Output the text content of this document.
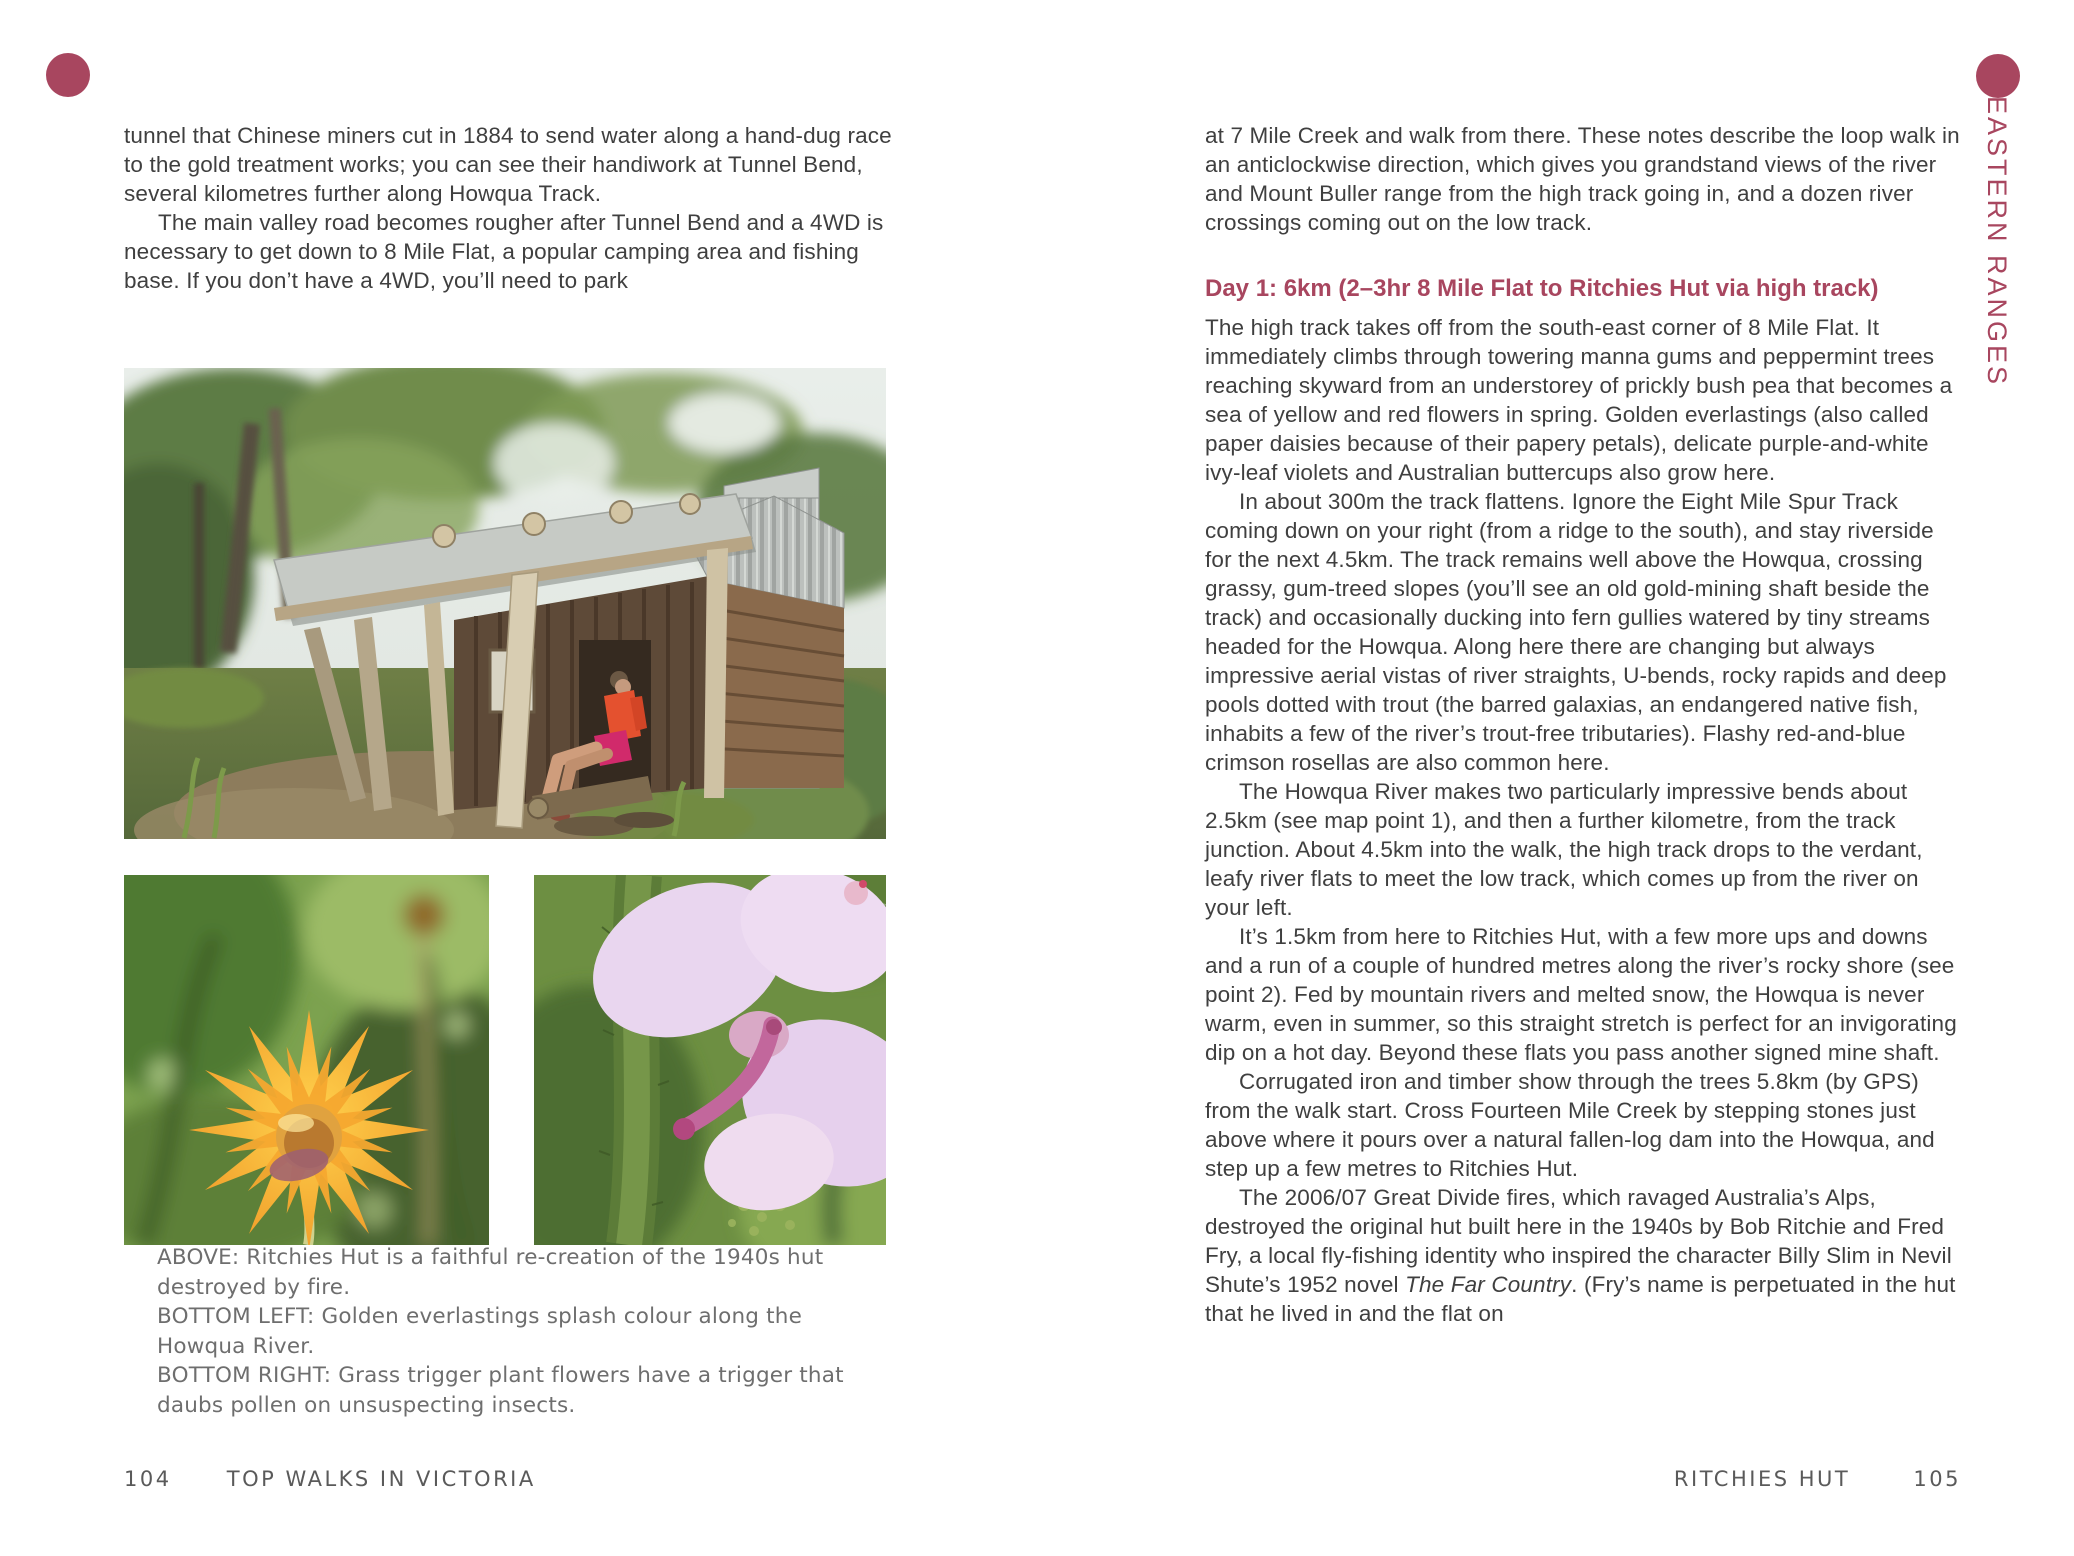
EASTERN RANGES

tunnel that Chinese miners cut in 1884 to send water along a hand-dug race to the gold treatment works; you can see their handiwork at Tunnel Bend, several kilometres further along Howqua Track.

The main valley road becomes rougher after Tunnel Bend and a 4WD is necessary to get down to 8 Mile Flat, a popular camping area and fishing base. If you don’t have a 4WD, you’ll need to park

ABOVE: Ritchies Hut is a faithful re-creation of the 1940s hut destroyed by fire.

BOTTOM LEFT: Golden everlastings splash colour along the Howqua River.

BOTTOM RIGHT: Grass trigger plant flowers have a trigger that daubs pollen on unsuspecting insects.

104	TOP WALKS IN VICTORIA

at 7 Mile Creek and walk from there. These notes describe the loop walk in an anticlockwise direction, which gives you grandstand views of the river and Mount Buller range from the high track going in, and a dozen river crossings coming out on the low track.

Day 1: 6km (2–3hr 8 Mile Flat to Ritchies Hut via high track)

The high track takes off from the south-east corner of 8 Mile Flat. It immediately climbs through towering manna gums and peppermint trees reaching skyward from an understorey of prickly bush pea that becomes a sea of yellow and red flowers in spring. Golden everlastings (also called paper daisies because of their papery petals), delicate purple-and-white ivy-leaf violets and Australian buttercups also grow here.

In about 300m the track flattens. Ignore the Eight Mile Spur Track coming down on your right (from a ridge to the south), and stay riverside for the next 4.5km. The track remains well above the Howqua, crossing grassy, gum-treed slopes (you’ll see an old gold-mining shaft beside the track) and occasionally ducking into fern gullies watered by tiny streams headed for the Howqua. Along here there are changing but always impressive aerial vistas of river straights, U-bends, rocky rapids and deep pools dotted with trout (the barred galaxias, an endangered native fish, inhabits a few of the river’s trout-free tributaries). Flashy red-and-blue crimson rosellas are also common here.

The Howqua River makes two particularly impressive bends about 2.5km (see map point 1), and then a further kilometre, from the track junction. About 4.5km into the walk, the high track drops to the verdant, leafy river flats to meet the low track, which comes up from the river on your left.

It’s 1.5km from here to Ritchies Hut, with a few more ups and downs and a run of a couple of hundred metres along the river’s rocky shore (see point 2). Fed by mountain rivers and melted snow, the Howqua is never warm, even in summer, so this straight stretch is perfect for an invigorating dip on a hot day. Beyond these flats you pass another signed mine shaft.

Corrugated iron and timber show through the trees 5.8km (by GPS) from the walk start. Cross Fourteen Mile Creek by stepping stones just above where it pours over a natural fallen-log dam into the Howqua, and step up a few metres to Ritchies Hut.

The 2006/07 Great Divide fires, which ravaged Australia’s Alps, destroyed the original hut built here in the 1940s by Bob Ritchie and Fred Fry, a local fly-fishing identity who inspired the character Billy Slim in Nevil Shute’s 1952 novel The Far Country. (Fry’s name is perpetuated in the hut that he lived in and the flat on

RITCHIES HUT	105
